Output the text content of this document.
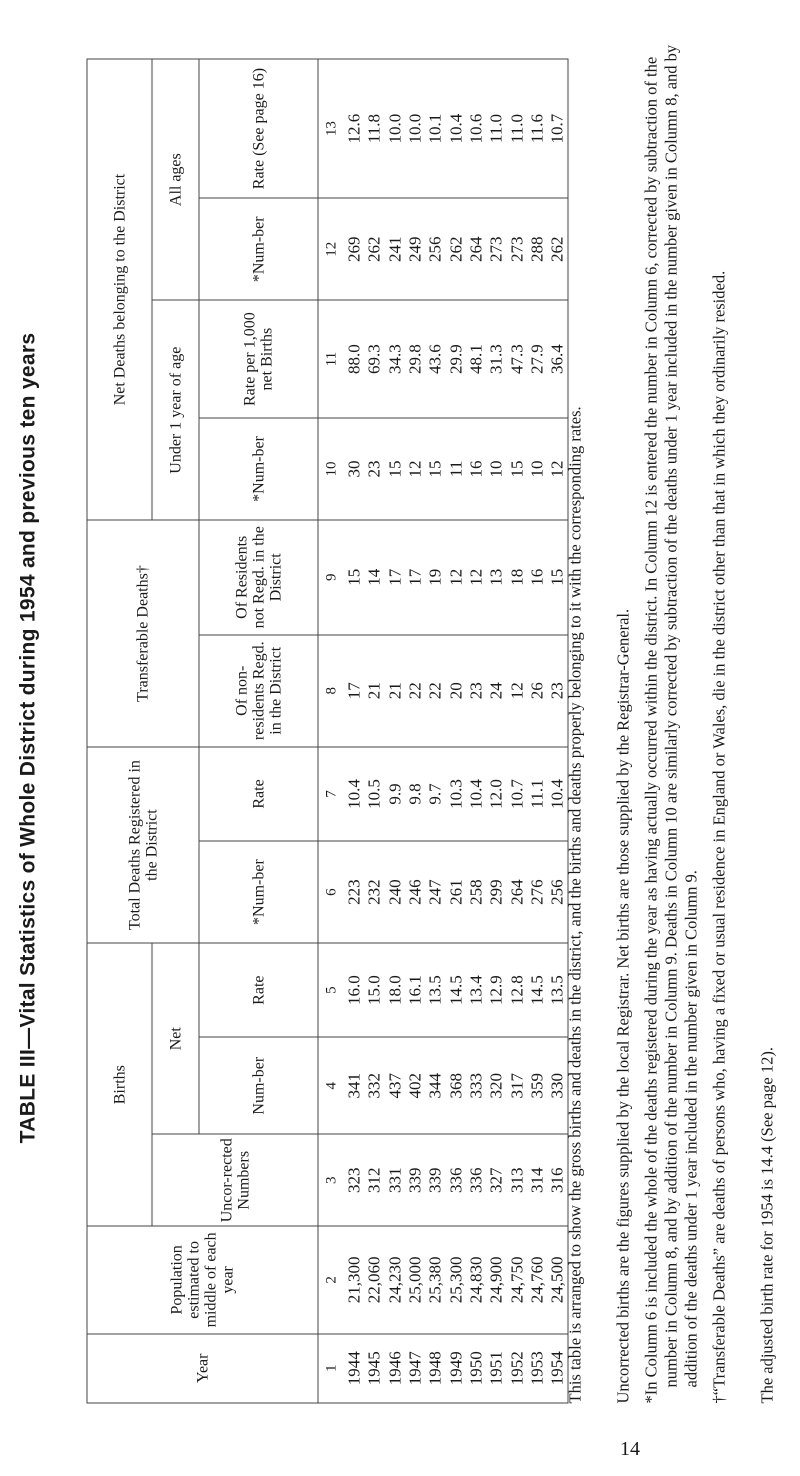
TABLE III—Vital Statistics of Whole District during 1954 and previous ten years
Year	Population estimated to middle of each year	Births			Total Deaths Registered in the District		Transferable Deaths†		Net Deaths belonging to the District			
		Uncor-rected Numbers	Net						Under 1 year of age		All ages	
			Num-ber	Rate	*Num-ber	Rate	Of non-residents Regd. in the District	Of Residents not Regd. in the District	*Num-ber	Rate per 1,000 net Births	*Num-ber	Rate (See page 16)
1	2	3	4	5	6	7	8	9	10	11	12	13
1944	21,300	323	341	16.0	223	10.4	17	15	30	88.0	269	12.6
1945	22,060	312	332	15.0	232	10.5	21	14	23	69.3	262	11.8
1946	24,230	331	437	18.0	240	9.9	21	17	15	34.3	241	10.0
1947	25,000	339	402	16.1	246	9.8	22	17	12	29.8	249	10.0
1948	25,380	339	344	13.5	247	9.7	22	19	15	43.6	256	10.1
1949	25,300	336	368	14.5	261	10.3	20	12	11	29.9	262	10.4
1950	24,830	336	333	13.4	258	10.4	23	12	16	48.1	264	10.6
1951	24,900	327	320	12.9	299	12.0	24	13	10	31.3	273	11.0
1952	24,750	313	317	12.8	264	10.7	12	18	15	47.3	273	11.0
1953	24,760	314	359	14.5	276	11.1	26	16	10	27.9	288	11.6
1954	24,500	316	330	13.5	256	10.4	23	15	12	36.4	262	10.7
This table is arranged to show the gross births and deaths in the district, and the births and deaths properly belonging to it with the corresponding rates. Uncorrected births are the figures supplied by the local Registrar. Net births are those supplied by the Registrar-General. *In Column 6 is included the whole of the deaths registered during the year as having actually occurred within the district. In Column 12 is entered the number in Column 6, corrected by subtraction of the number in Column 8, and by addition of the number in Column 9. Deaths in Column 10 are similarly corrected by subtraction of the deaths under 1 year included in the number given in Column 8, and by addition of the deaths under 1 year included in the number given in Column 9. †“Transferable Deaths” are deaths of persons who, having a fixed or usual residence in England or Wales, die in the district other than that in which they ordinarily resided. The adjusted birth rate for 1954 is 14.4 (See page 12).
14
